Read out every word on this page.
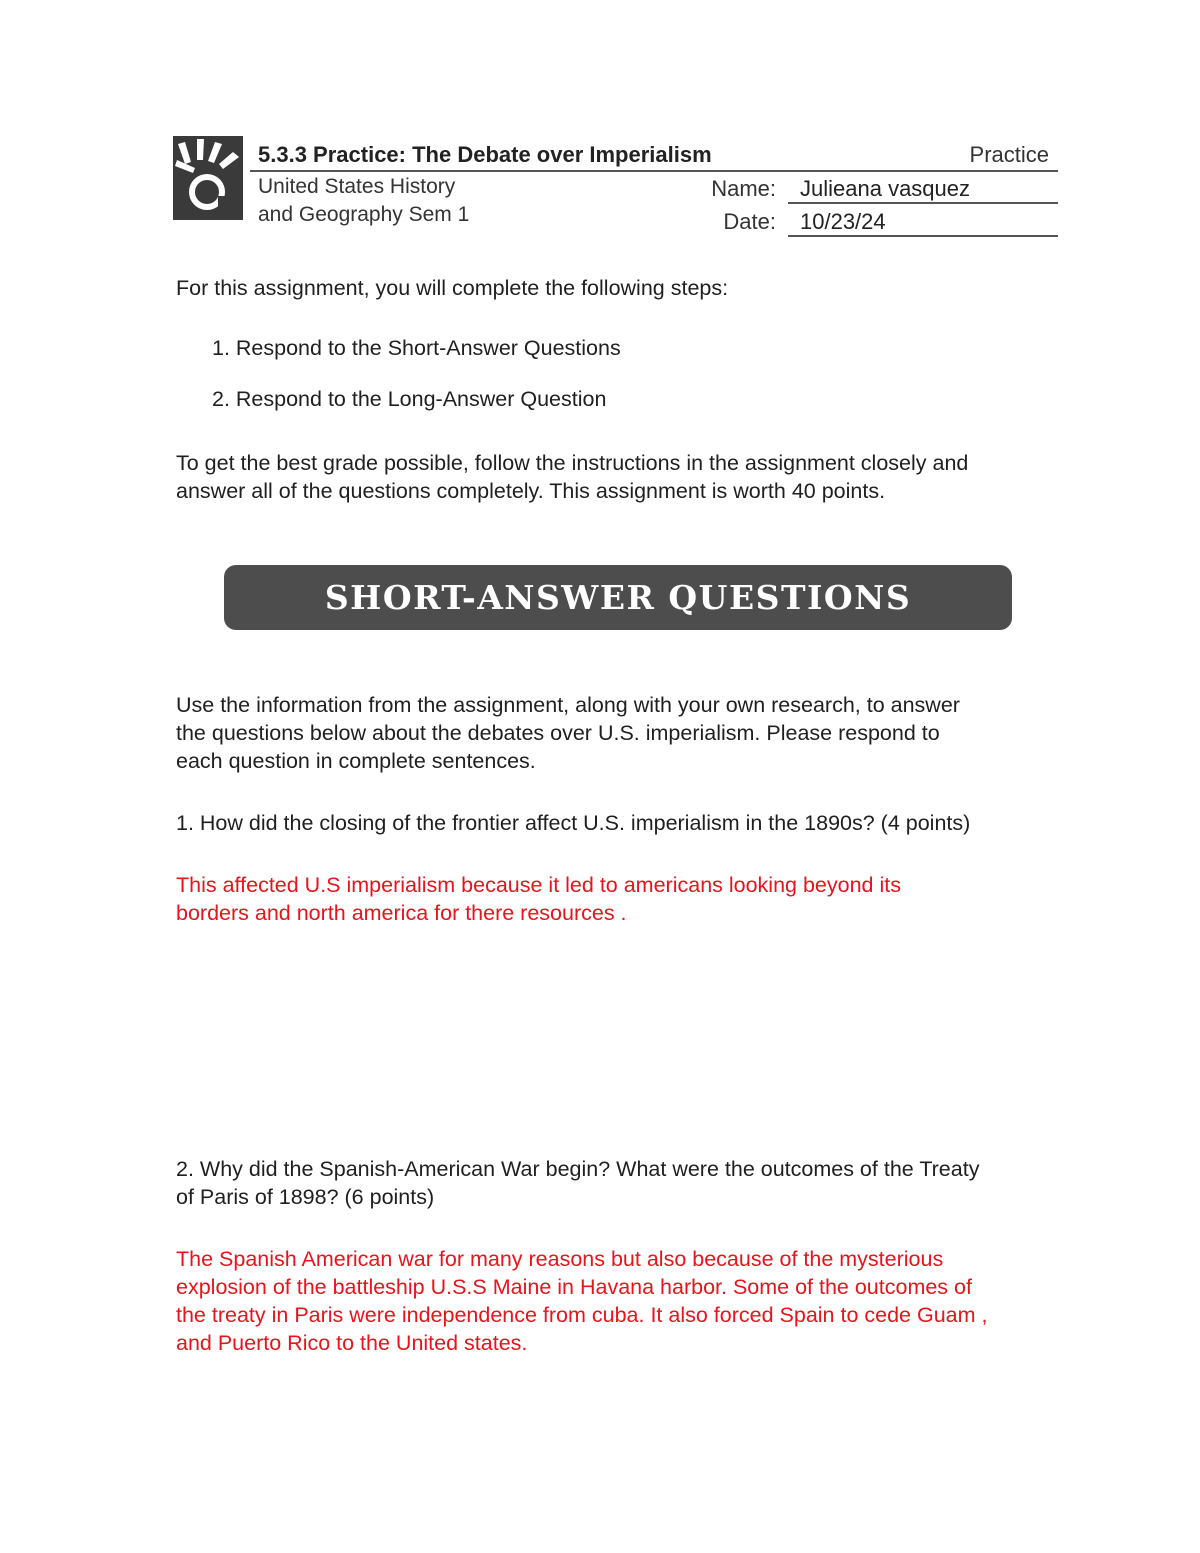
5.3.3 Practice: The Debate over Imperialism	Practice
United States History
and Geography Sem 1
Name: Julieana vasquez
Date: 10/23/24
For this assignment, you will complete the following steps:
1. Respond to the Short-Answer Questions
2. Respond to the Long-Answer Question
To get the best grade possible, follow the instructions in the assignment closely and
answer all of the questions completely. This assignment is worth 40 points.
SHORT-ANSWER QUESTIONS
Use the information from the assignment, along with your own research, to answer
the questions below about the debates over U.S. imperialism. Please respond to
each question in complete sentences.
1. How did the closing of the frontier affect U.S. imperialism in the 1890s? (4 points)
This affected U.S imperialism because it led to americans looking beyond its
borders and north america for there resources .
2. Why did the Spanish-American War begin? What were the outcomes of the Treaty
of Paris of 1898? (6 points)
The Spanish American war for many reasons but also because of the mysterious
explosion of the battleship U.S.S Maine in Havana harbor. Some of the outcomes of
the treaty in Paris were independence from cuba. It also forced Spain to cede Guam ,
and Puerto Rico to the United states.
